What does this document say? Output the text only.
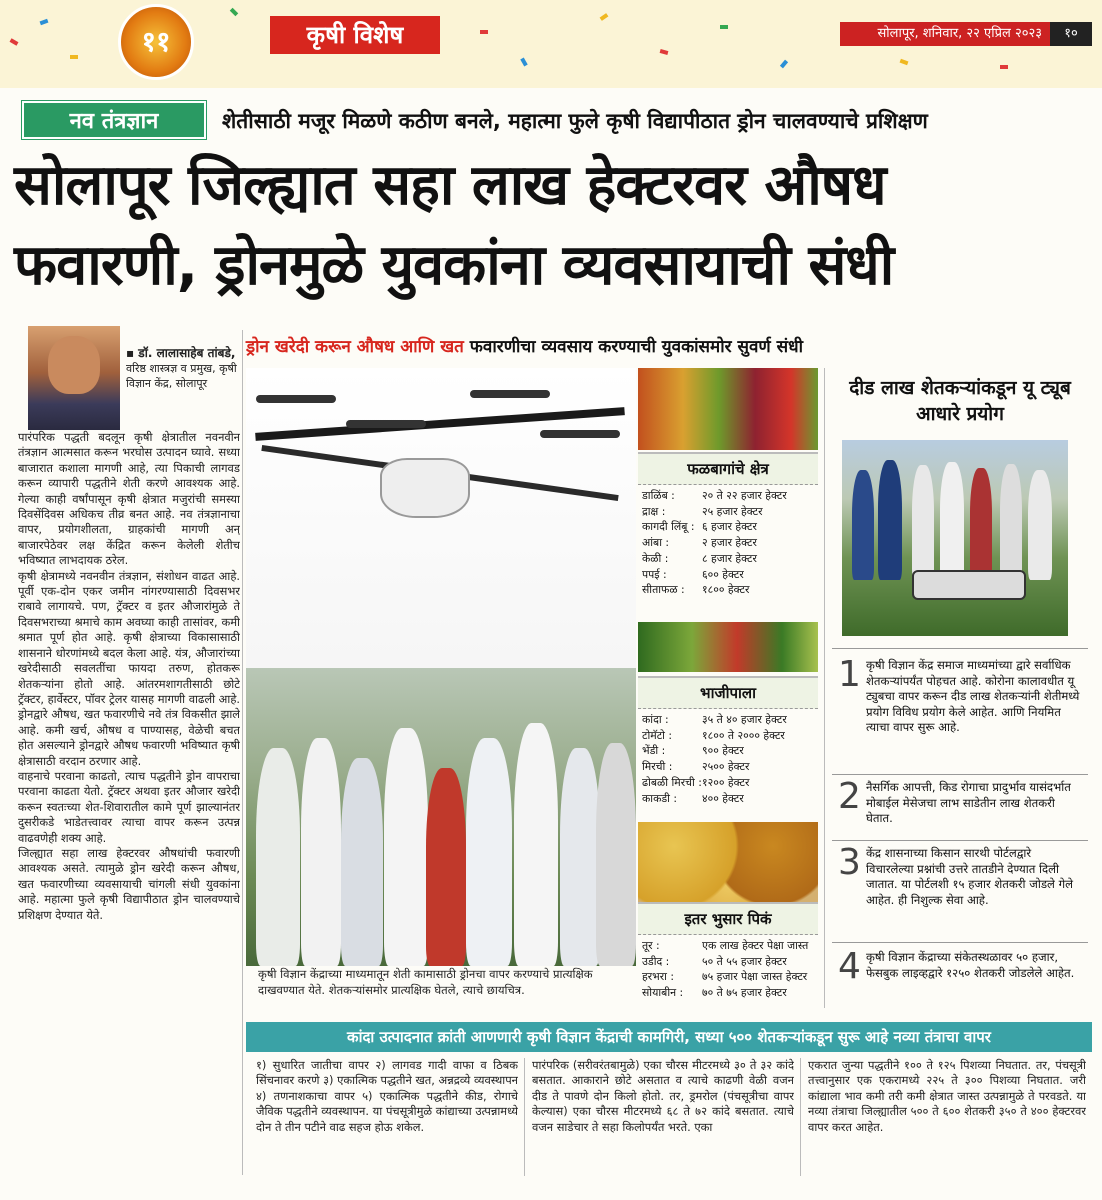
११	कृषी विशेष	सोलापूर, शनिवार, २२ एप्रिल २०२३	१०
नव तंत्रज्ञान	शेतीसाठी मजूर मिळणे कठीण बनले, महात्मा फुले कृषी विद्यापीठात ड्रोन चालवण्याचे प्रशिक्षण
सोलापूर जिल्ह्यात सहा लाख हेक्टरवर औषध
फवारणी, ड्रोनमुळे युवकांना व्यवसायाची संधी
▪ डॉ. लालासाहेब तांबडे,
वरिष्ठ शास्त्रज्ञ व प्रमुख, कृषी विज्ञान केंद्र, सोलापूर

पारंपरिक पद्धती बदलून कृषी क्षेत्रातील नवनवीन तंत्रज्ञान आत्मसात करून भरघोस उत्पादन घ्यावे. सध्या बाजारात कशाला मागणी आहे, त्या पिकाची लागवड करून व्यापारी पद्धतीने शेती करणे आवश्यक आहे. गेल्या काही वर्षांपासून कृषी क्षेत्रात मजुरांची समस्या दिवसेंदिवस अधिकच तीव्र बनत आहे. नव तंत्रज्ञानाचा वापर, प्रयोगशीलता, ग्राहकांची मागणी अन्‌ बाजारपेठेवर लक्ष केंद्रित करून केलेली शेतीच भविष्यात लाभदायक ठरेल.

कृषी क्षेत्रामध्ये नवनवीन तंत्रज्ञान, संशोधन वाढत आहे. पूर्वी एक-दोन एकर जमीन नांगरण्यासाठी दिवसभर राबावे लागायचे. पण, ट्रॅक्टर व इतर औजारांमुळे ते दिवसभराच्या श्रमाचे काम अवघ्या काही तासांवर, कमी श्रमात पूर्ण होत आहे. कृषी क्षेत्राच्या विकासासाठी शासनाने धोरणांमध्ये बदल केला आहे. यंत्र, औजारांच्या खरेदीसाठी सवलतींचा फायदा तरुण, होतकरू शेतकऱ्यांना होतो आहे. आंतरमशागतीसाठी छोटे ट्रॅक्टर, हार्वेस्टर, पॉवर ट्रेलर यासह मागणी वाढली आहे. ड्रोनद्वारे औषध, खत फवारणीचे नवे तंत्र विकसीत झाले आहे. कमी खर्च, औषध व पाण्यासह, वेळेची बचत होत असल्याने ड्रोनद्वारे औषध फवारणी भविष्यात कृषी क्षेत्रासाठी वरदान ठरणार आहे.

वाहनाचे परवाना काढतो, त्याच पद्धतीने ड्रोन वापराचा परवाना काढता येतो. ट्रॅक्टर अथवा इतर औजार खरेदी करून स्वतःच्या शेत-शिवारातील कामे पूर्ण झाल्यानंतर दुसरीकडे भाडेतत्त्वावर त्याचा वापर करून उत्पन्न वाढवणेही शक्य आहे.

जिल्ह्यात सहा लाख हेक्टरवर औषधांची फवारणी आवश्यक असते. त्यामुळे ड्रोन खरेदी करून औषध, खत फवारणीच्या व्यवसायाची चांगली संधी युवकांना आहे. महात्मा फुले कृषी विद्यापीठात ड्रोन चालवण्याचे प्रशिक्षण देण्यात येते.

ड्रोन खरेदी करून औषध आणि खत फवारणीचा व्यवसाय करण्याची युवकांसमोर सुवर्ण संधी
कृषी विज्ञान केंद्राच्या माध्यमातून शेती कामासाठी ड्रोनचा वापर करण्याचे प्रात्यक्षिक दाखवण्यात येते. शेतकऱ्यांसमोर प्रात्यक्षिक घेतले, त्याचे छायचित्र.
फळबागांचे क्षेत्र
डाळिंब :	२० ते २२ हजार हेक्टर
द्राक्ष :	२५ हजार हेक्टर
कागदी लिंबू : ६ हजार हेक्टर
आंबा :	२ हजार हेक्टर
केळी :	८ हजार हेक्टर
पपई :	६०० हेक्टर
सीताफळ :	१८०० हेक्टर
भाजीपाला
कांदा :	३५ ते ४० हजार हेक्टर
टोमॅटो :	१८०० ते २००० हेक्टर
भेंडी :	९०० हेक्टर
मिरची :	२५०० हेक्टर
ढोबळी मिरची : १२०० हेक्टर
काकडी :	४०० हेक्टर
इतर भुसार पिकं
तूर :	एक लाख हेक्टर पेक्षा जास्त
उडीद :	५० ते ५५ हजार हेक्टर
हरभरा :	७५ हजार पेक्षा जास्त हेक्टर
सोयाबीन :	७० ते ७५ हजार हेक्टर
दीड लाख शेतकऱ्यांकडून यू ट्यूब आधारे प्रयोग
1 कृषी विज्ञान केंद्र समाज माध्यमांच्या द्वारे सर्वाधिक शेतकऱ्यांपर्यंत पोहचत आहे. कोरोना कालावधीत यू ट्युबचा वापर करून दीड लाख शेतकऱ्यांनी शेतीमध्ये प्रयोग विविध प्रयोग केले आहेत. आणि नियमित त्याचा वापर सुरू आहे.
2 नैसर्गिक आपत्ती, किड रोगाचा प्रादुर्भाव यासंदर्भात मोबाईल मेसेजचा लाभ साडेतीन लाख शेतकरी घेतात.
3 केंद्र शासनाच्या किसान सारथी पोर्टलद्वारे विचारलेल्या प्रश्नांची उत्तरे तातडीने देण्यात दिली जातात. या पोर्टलशी १५ हजार शेतकरी जोडले गेले आहेत. ही निशुल्क सेवा आहे.
4 कृषी विज्ञान केंद्राच्या संकेतस्थळावर ५० हजार, फेसबुक लाइव्हद्वारे १२५० शेतकरी जोडलेले आहेत.
कांदा उत्पादनात क्रांती आणणारी कृषी विज्ञान केंद्राची कामगिरी, सध्या ५०० शेतकऱ्यांकडून सुरू आहे नव्या तंत्राचा वापर
१) सुधारित जातीचा वापर २) लागवड गादी वाफा व ठिबक सिंचनावर करणे ३) एकात्मिक पद्धतीने खत, अन्नद्रव्ये व्यवस्थापन ४) तणनाशकाचा वापर ५) एकात्मिक पद्धतीने कीड, रोगाचे जैविक पद्धतीने व्यवस्थापन. या पंचसूत्रीमुळे कांद्याच्या उत्पन्नामध्ये दोन ते तीन पटीने वाढ सहज होऊ शकेल.
पारंपरिक (सरीवरंतबामुळे) एका चौरस मीटरमध्ये ३० ते ३२ कांदे बसतात. आकाराने छोटे असतात व त्याचे काढणी वेळी वजन दीड ते पावणे दोन किलो होतो. तर, ड्रमरोल (पंचसूत्रीचा वापर केल्यास) एका चौरस मीटरमध्ये ६८ ते ७२ कांदे बसतात. त्याचे वजन साडेचार ते सहा किलोपर्यंत भरते. एका
एकरात जुन्या पद्धतीने १०० ते १२५ पिशव्या निघतात. तर, पंचसूत्री तत्त्वानुसार एक एकरामध्ये २२५ ते ३०० पिशव्या निघतात. जरी कांद्याला भाव कमी तरी कमी क्षेत्रात जास्त उत्पन्नामुळे ते परवडते. या नव्या तंत्राचा जिल्ह्यातील ५०० ते ६०० शेतकरी ३५० ते ४०० हेक्टरवर वापर करत आहेत.
